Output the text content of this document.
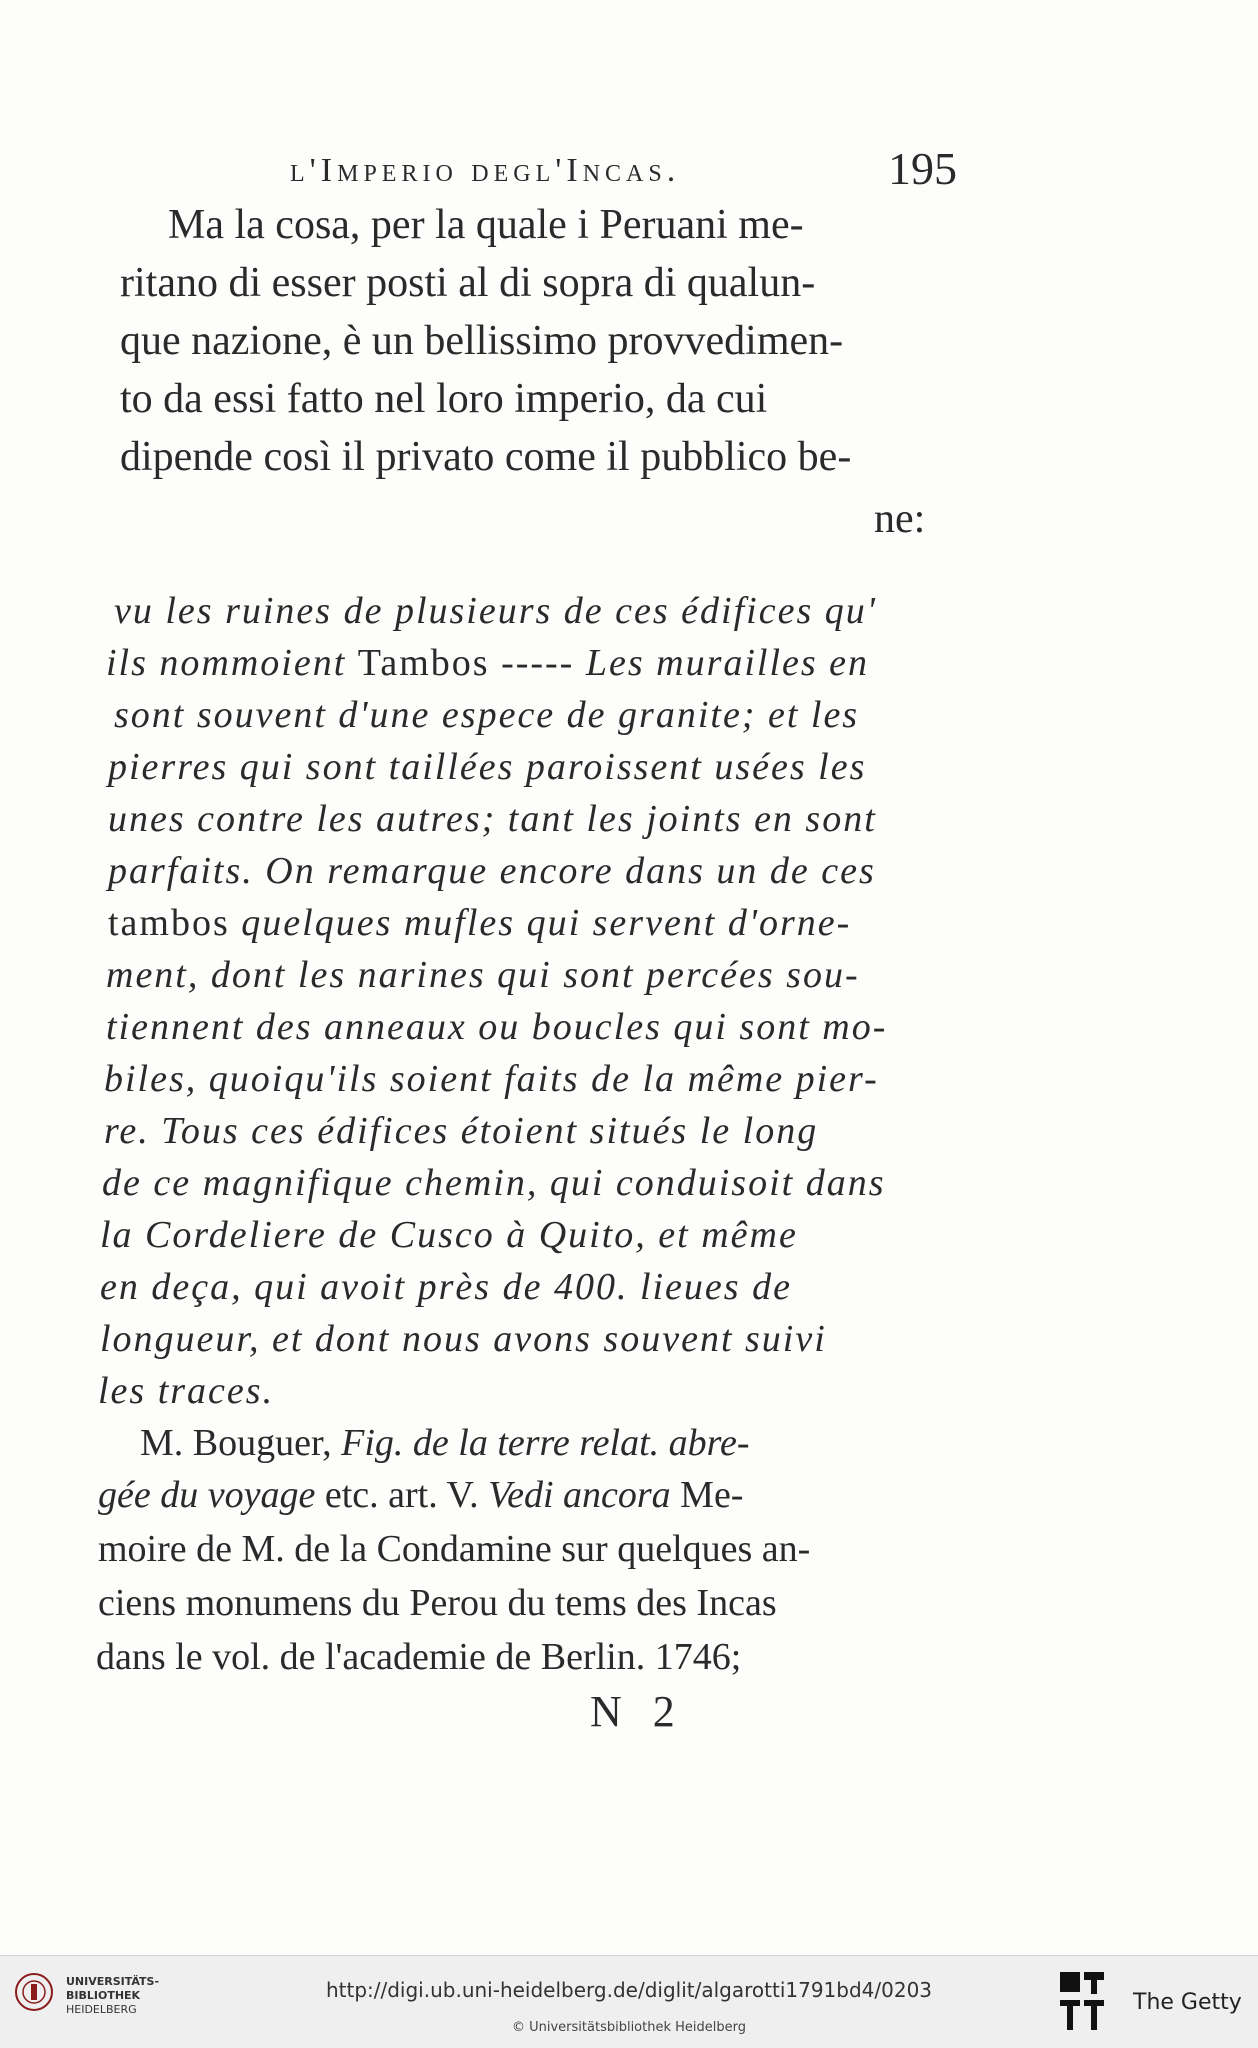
l'Imperio degl'Incas.	195
Ma la cosa, per la quale i Peruani me-
ritano di esser posti al di sopra di qualun-
que nazione, è un bellissimo provvedimen-
to da essi fatto nel loro imperio, da cui
dipende così il privato come il pubblico be-
ne:
vu les ruines de plusieurs de ces édifices qu'
ils nommoient Tambos ----- Les murailles en
sont souvent d'une espece de granite; et les
pierres qui sont taillées paroissent usées les
unes contre les autres; tant les joints en sont
parfaits. On remarque encore dans un de ces
tambos quelques mufles qui servent d'orne-
ment, dont les narines qui sont percées sou-
tiennent des anneaux ou boucles qui sont mo-
biles, quoiqu'ils soient faits de la même pier-
re. Tous ces édifices étoient situés le long
de ce magnifique chemin, qui conduisoit dans
la Cordeliere de Cusco à Quito, et même
en deça, qui avoit près de 400. lieues de
longueur, et dont nous avons souvent suivi
les traces.
M. Bouguer, Fig. de la terre relat. abre-
gée du voyage etc. art. V. Vedi ancora Me-
moire de M. de la Condamine sur quelques an-
ciens monumens du Perou du tems des Incas
dans le vol. de l'academie de Berlin. 1746;
N 2
UNIVERSITÄTS-
BIBLIOTHEK
HEIDELBERG
http://digi.ub.uni-heidelberg.de/diglit/algarotti1791bd4/0203
© Universitätsbibliothek Heidelberg
The Getty
